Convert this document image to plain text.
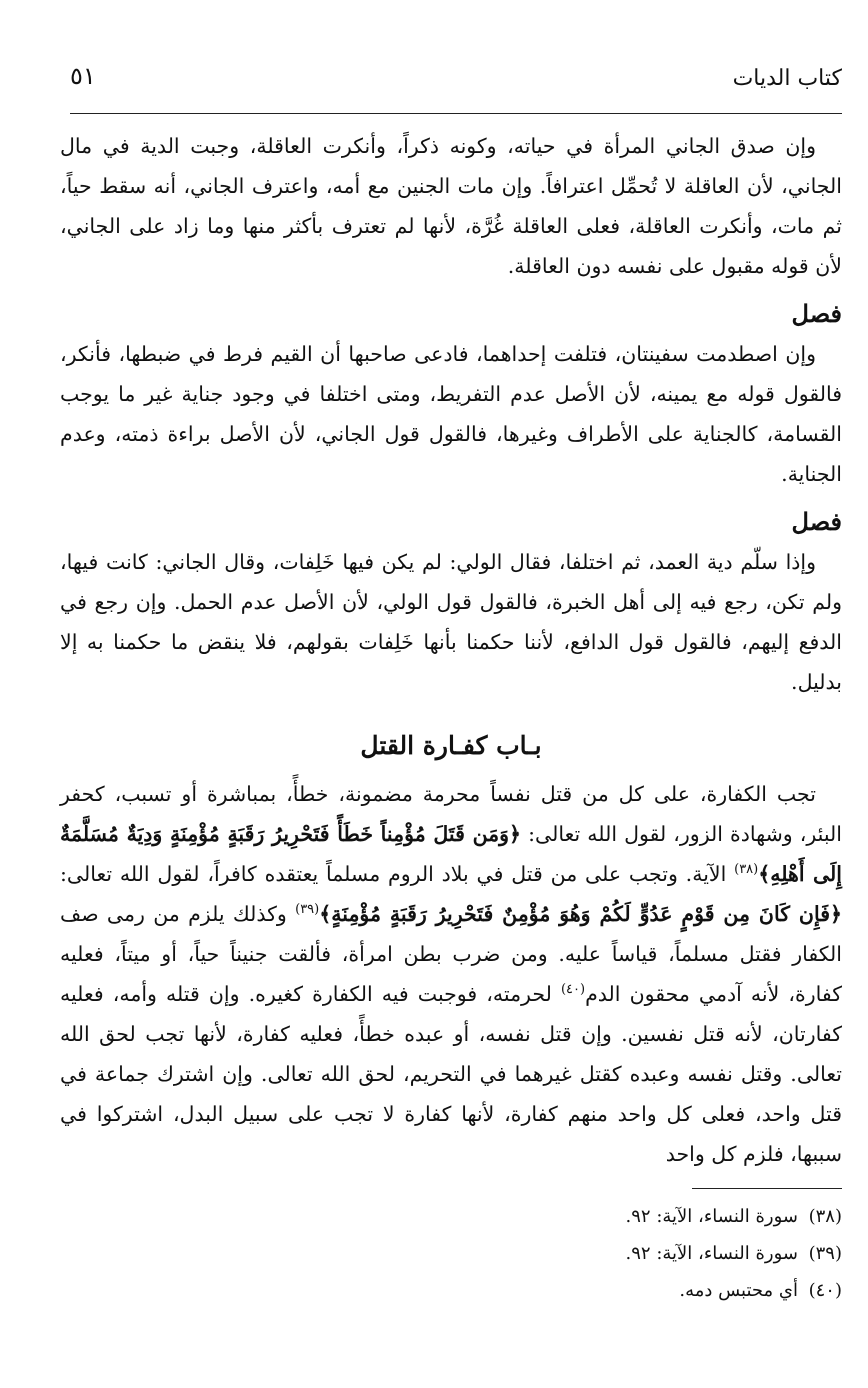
كتاب الديات
٥١

وإن صدق الجاني المرأة في حياته، وكونه ذكراً، وأنكرت العاقلة، وجبت الدية في مال الجاني، لأن العاقلة لا تُحمِّل اعترافاً. وإن مات الجنين مع أمه، واعترف الجاني، أنه سقط حياً، ثم مات، وأنكرت العاقلة، فعلى العاقلة غُرَّة، لأنها لم تعترف بأكثر منها وما زاد على الجاني، لأن قوله مقبول على نفسه دون العاقلة.

فصل

وإن اصطدمت سفينتان، فتلفت إحداهما، فادعى صاحبها أن القيم فرط في ضبطها، فأنكر، فالقول قوله مع يمينه، لأن الأصل عدم التفريط، ومتى اختلفا في وجود جناية غير ما يوجب القسامة، كالجناية على الأطراف وغيرها، فالقول قول الجاني، لأن الأصل براءة ذمته، وعدم الجناية.

فصل

وإذا سلّم دية العمد، ثم اختلفا، فقال الولي: لم يكن فيها خَلِفات، وقال الجاني: كانت فيها، ولم تكن، رجع فيه إلى أهل الخبرة، فالقول قول الولي، لأن الأصل عدم الحمل. وإن رجع في الدفع إليهم، فالقول قول الدافع، لأننا حكمنا بأنها خَلِفات بقولهم، فلا ينقض ما حكمنا به إلا بدليل.

بـاب كفـارة القتل

تجب الكفارة، على كل من قتل نفساً محرمة مضمونة، خطأً، بمباشرة أو تسبب، كحفر البئر، وشهادة الزور، لقول الله تعالى: ﴿وَمَن قَتَلَ مُؤْمِناً خَطَأً فَتَحْرِيرُ رَقَبَةٍ مُؤْمِنَةٍ وَدِيَةٌ مُسَلَّمَةٌ إِلَى أَهْلِهِ﴾$^{(٣٨)}$ الآية. وتجب على من قتل في بلاد الروم مسلماً يعتقده كافراً، لقول الله تعالى: ﴿فَإِن كَانَ مِن قَوْمٍ عَدُوٍّ لَكُمْ وَهُوَ مُؤْمِنٌ فَتَحْرِيرُ رَقَبَةٍ مُؤْمِنَةٍ﴾$^{(٣٩)}$ وكذلك يلزم من رمى صف الكفار فقتل مسلماً، قياساً عليه. ومن ضرب بطن امرأة، فألقت جنيناً حياً، أو ميتاً، فعليه كفارة، لأنه آدمي محقون الدم$^{(٤٠)}$ لحرمته، فوجبت فيه الكفارة كغيره. وإن قتله وأمه، فعليه كفارتان، لأنه قتل نفسين. وإن قتل نفسه، أو عبده خطأً، فعليه كفارة، لأنها تجب لحق الله تعالى. وقتل نفسه وعبده كقتل غيرهما في التحريم، لحق الله تعالى. وإن اشترك جماعة في قتل واحد، فعلى كل واحد منهم كفارة، لأنها كفارة لا تجب على سبيل البدل، اشتركوا في سببها، فلزم كل واحد

(٣٨)سورة النساء، الآية: ٩٢.

(٣٩)سورة النساء، الآية: ٩٢.

(٤٠)أي محتبس دمه.
